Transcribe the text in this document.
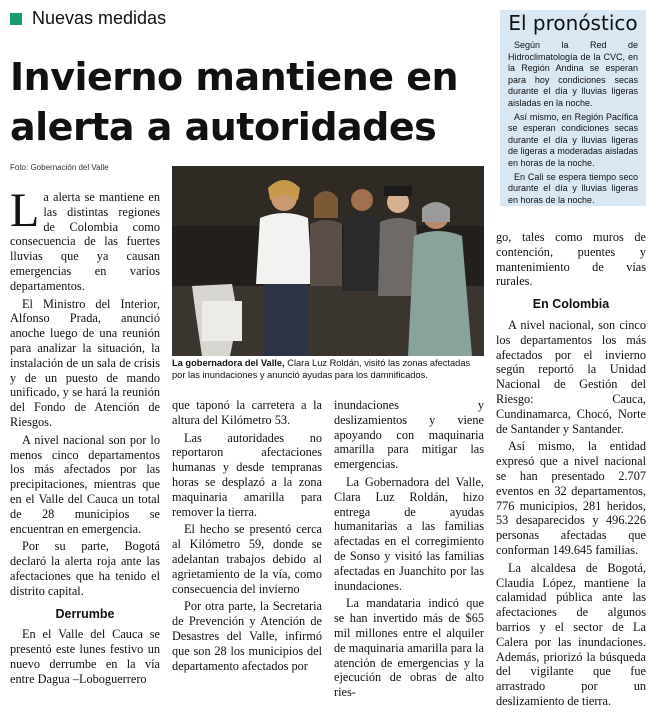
Nuevas medidas
Invierno mantiene en alerta a autoridades
Foto: Gobernación del Valle
El pronóstico

Según la Red de Hidroclimatología de la CVC, en la Región Andina se esperan para hoy condiciones secas durante el día y lluvias ligeras aisladas en la noche.

Así mismo, en Región Pacífica se esperan condiciones secas durante el día y lluvias ligeras de ligeras a moderadas aisladas en horas de la noche.

En Cali se espera tiempo seco durante el día y lluvias ligeras en horas de la noche.

La gobernadora del Valle, Clara Luz Roldán, visitó las zonas afectadas por las inundaciones y anunció ayudas para los damnificados.

La alerta se mantiene en las distintas regiones de Colombia como consecuencia de las fuertes lluvias que ya causan emergencias en varios departamentos.

El Ministro del Interior, Alfonso Prada, anunció anoche luego de una reunión para analizar la situación, la instalación de un sala de crisis y de un puesto de mando unificado, y se hará la reunión del Fondo de Atención de Riesgos.

A nivel nacional son por lo menos cinco departamentos los más afectados por las precipitaciones, mientras que en el Valle del Cauca un total de 28 municipios se encuentran en emergencia.

Por su parte, Bogotá declaró la alerta roja ante las afectaciones que ha tenido el distrito capital.

Derrumbe

En el Valle del Cauca se presentó este lunes festivo un nuevo derrumbe en la vía entre Dagua –Loboguerrero

que taponó la carretera a la altura del Kilómetro 53.

Las autoridades no reportaron afectaciones humanas y desde tempranas horas se desplazó a la zona maquinaria amarilla para remover la tierra.

El hecho se presentó cerca al Kilómetro 59, donde se adelantan trabajos debido al agrietamiento de la vía, como consecuencia del invierno

Por otra parte, la Secretaria de Prevención y Atención de Desastres del Valle, infirmó que son 28 los municipios del departamento afectados por

inundaciones y deslizamientos y viene apoyando con maquinaria amarilla para mitigar las emergencias.

La Gobernadora del Valle, Clara Luz Roldán, hizo entrega de ayudas humanitarias a las familias afectadas en el corregimiento de Sonso y visitó las familias afectadas en Juanchito por las inundaciones.

La mandataria indicó que se han invertido más de $65 mil millones entre el alquiler de maquinaria amarilla para la atención de emergencias y la ejecución de obras de alto ries-

go, tales como muros de contención, puentes y mantenimiento de vías rurales.

En Colombia

A nivel nacional, son cinco los departamentos los más afectados por el invierno según reportó la Unidad Nacional de Gestión del Riesgo: Cauca, Cundinamarca, Chocó, Norte de Santander y Santander.

Así mismo, la entidad expresó que a nivel nacional se han presentado 2.707 eventos en 32 departamentos, 776 municipios, 281 heridos, 53 desaparecidos y 496.226 personas afectadas que conforman 149.645 familias.

La alcaldesa de Bogotá, Claudia López, mantiene la calamidad pública ante las afectaciones de algunos barrios y el sector de La Calera por las inundaciones. Además, priorizó la búsqueda del vigilante que fue arrastrado por un deslizamiento de tierra.
